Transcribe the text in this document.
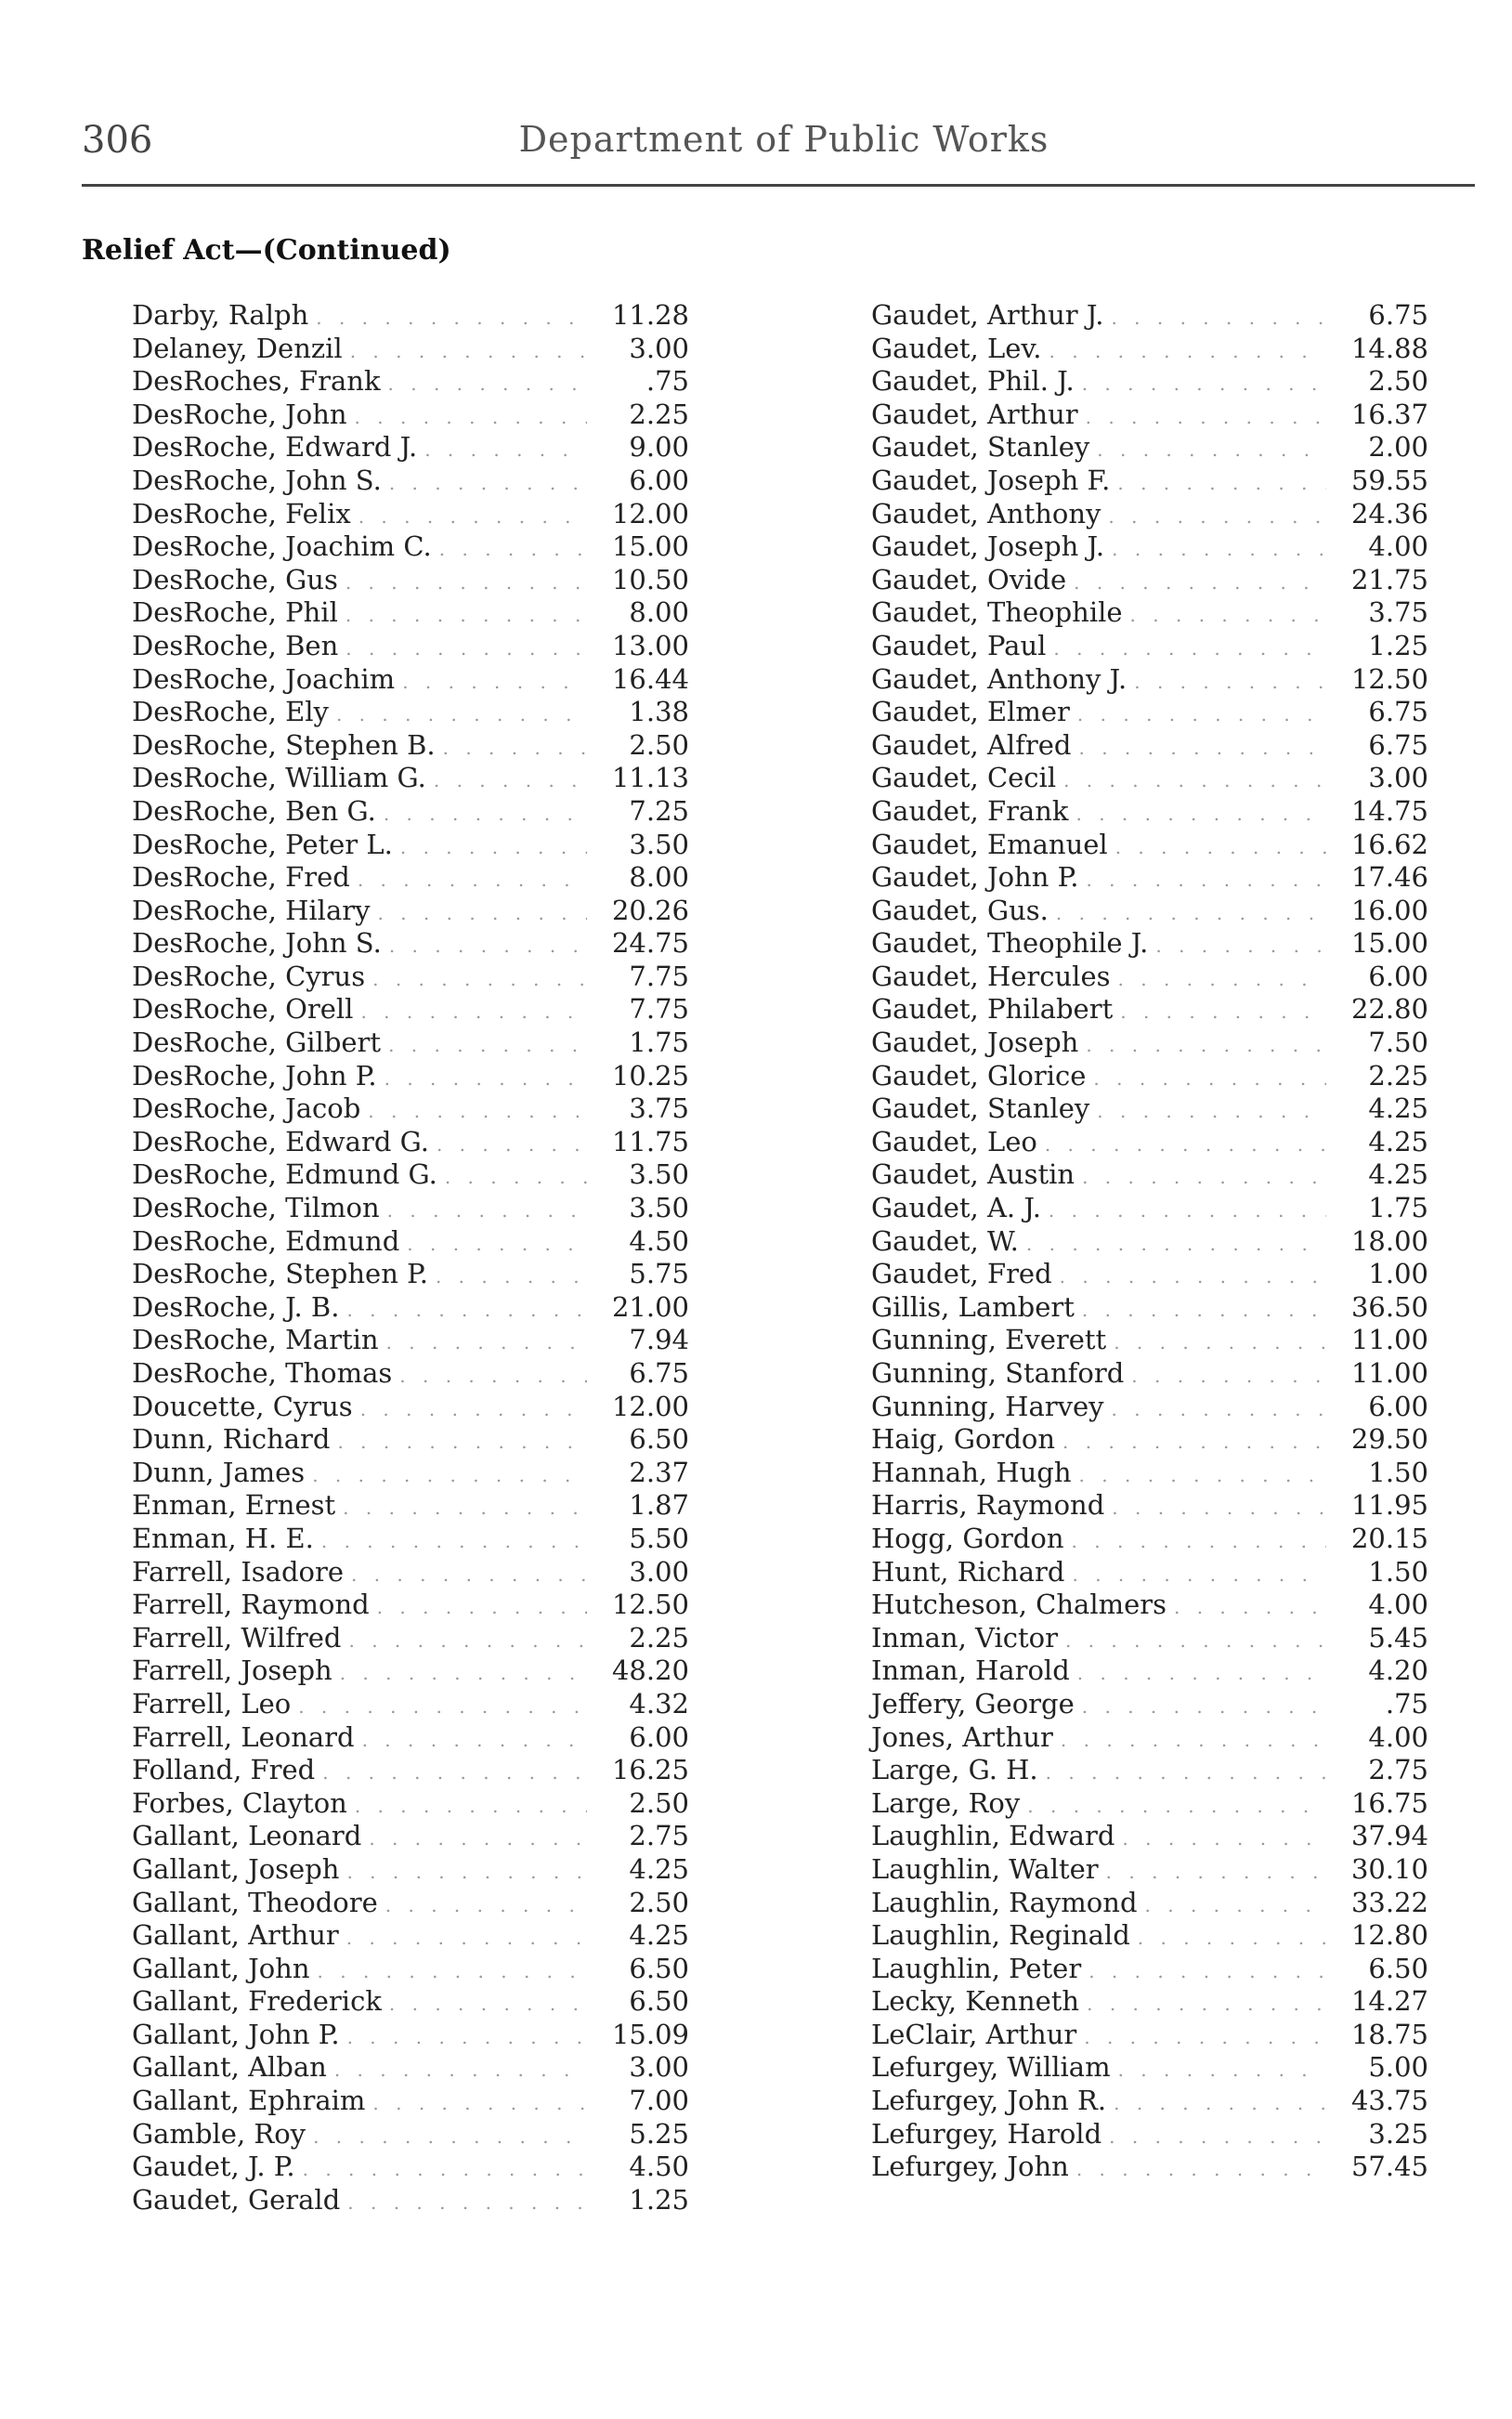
306	Department of Public Works
Relief Act—(Continued)
Darby, Ralph . . .	11.28
Delaney, Denzil . . .	3.00
DesRoches, Frank . . .	.75
DesRoche, John . . .	2.25
DesRoche, Edward J. . . .	9.00
DesRoche, John S. . . .	6.00
DesRoche, Felix . . .	12.00
DesRoche, Joachim C. . . .	15.00
DesRoche, Gus . . .	10.50
DesRoche, Phil . . .	8.00
DesRoche, Ben . . .	13.00
DesRoche, Joachim . . .	16.44
DesRoche, Ely . . .	1.38
DesRoche, Stephen B. . . .	2.50
DesRoche, William G. . . .	11.13
DesRoche, Ben G. . . .	7.25
DesRoche, Peter L. . . .	3.50
DesRoche, Fred . . .	8.00
DesRoche, Hilary . . .	20.26
DesRoche, John S. . . .	24.75
DesRoche, Cyrus . . .	7.75
DesRoche, Orell . . .	7.75
DesRoche, Gilbert . . .	1.75
DesRoche, John P. . . .	10.25
DesRoche, Jacob . . .	3.75
DesRoche, Edward G. . . .	11.75
DesRoche, Edmund G. . . .	3.50
DesRoche, Tilmon . . .	3.50
DesRoche, Edmund . . .	4.50
DesRoche, Stephen P. . . .	5.75
DesRoche, J. B. . . .	21.00
DesRoche, Martin . . .	7.94
DesRoche, Thomas . . .	6.75
Doucette, Cyrus . . .	12.00
Dunn, Richard . . .	6.50
Dunn, James . . .	2.37
Enman, Ernest . . .	1.87
Enman, H. E. . . .	5.50
Farrell, Isadore . . .	3.00
Farrell, Raymond . . .	12.50
Farrell, Wilfred . . .	2.25
Farrell, Joseph . . .	48.20
Farrell, Leo . . .	4.32
Farrell, Leonard . . .	6.00
Folland, Fred . . .	16.25
Forbes, Clayton . . .	2.50
Gallant, Leonard . . .	2.75
Gallant, Joseph . . .	4.25
Gallant, Theodore . . .	2.50
Gallant, Arthur . . .	4.25
Gallant, John . . .	6.50
Gallant, Frederick . . .	6.50
Gallant, John P. . . .	15.09
Gallant, Alban . . .	3.00
Gallant, Ephraim . . .	7.00
Gamble, Roy . . .	5.25
Gaudet, J. P. . . .	4.50
Gaudet, Gerald . . .	1.25
Gaudet, Arthur J. . . .	6.75
Gaudet, Lev. . . .	14.88
Gaudet, Phil. J. . . .	2.50
Gaudet, Arthur . . .	16.37
Gaudet, Stanley . . .	2.00
Gaudet, Joseph F. . . .	59.55
Gaudet, Anthony . . .	24.36
Gaudet, Joseph J. . . .	4.00
Gaudet, Ovide . . .	21.75
Gaudet, Theophile . . .	3.75
Gaudet, Paul . . .	1.25
Gaudet, Anthony J. . . .	12.50
Gaudet, Elmer . . .	6.75
Gaudet, Alfred . . .	6.75
Gaudet, Cecil . . .	3.00
Gaudet, Frank . . .	14.75
Gaudet, Emanuel . . .	16.62
Gaudet, John P. . . .	17.46
Gaudet, Gus. . . .	16.00
Gaudet, Theophile J. . . .	15.00
Gaudet, Hercules . . .	6.00
Gaudet, Philabert . . .	22.80
Gaudet, Joseph . . .	7.50
Gaudet, Glorice . . .	2.25
Gaudet, Stanley . . .	4.25
Gaudet, Leo . . .	4.25
Gaudet, Austin . . .	4.25
Gaudet, A. J. . . .	1.75
Gaudet, W. . . .	18.00
Gaudet, Fred . . .	1.00
Gillis, Lambert . . .	36.50
Gunning, Everett . . .	11.00
Gunning, Stanford . . .	11.00
Gunning, Harvey . . .	6.00
Haig, Gordon . . .	29.50
Hannah, Hugh . . .	1.50
Harris, Raymond . . .	11.95
Hogg, Gordon . . .	20.15
Hunt, Richard . . .	1.50
Hutcheson, Chalmers . . .	4.00
Inman, Victor . . .	5.45
Inman, Harold . . .	4.20
Jeffery, George . . .	.75
Jones, Arthur . . .	4.00
Large, G. H. . . .	2.75
Large, Roy . . .	16.75
Laughlin, Edward . . .	37.94
Laughlin, Walter . . .	30.10
Laughlin, Raymond . . .	33.22
Laughlin, Reginald . . .	12.80
Laughlin, Peter . . .	6.50
Lecky, Kenneth . . .	14.27
LeClair, Arthur . . .	18.75
Lefurgey, William . . .	5.00
Lefurgey, John R. . . .	43.75
Lefurgey, Harold . . .	3.25
Lefurgey, John . . .	57.45
